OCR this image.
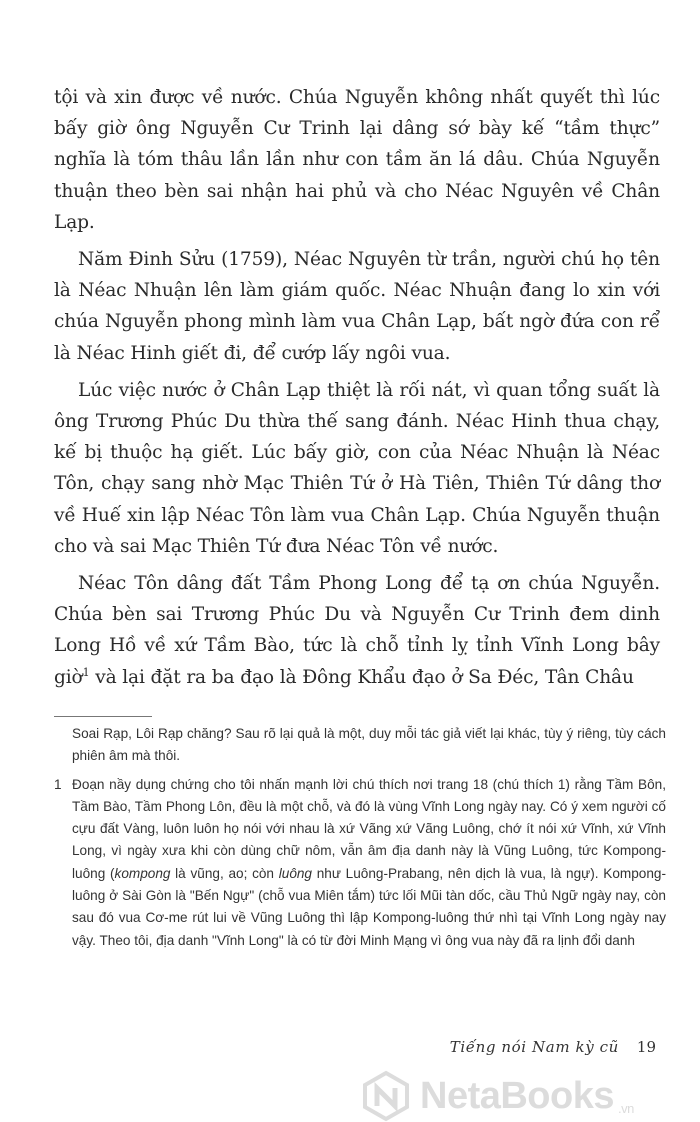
tội và xin được về nước. Chúa Nguyễn không nhất quyết thì lúc bấy giờ ông Nguyễn Cư Trinh lại dâng sớ bày kế “tầm thực” nghĩa là tóm thâu lần lần như con tầm ăn lá dâu. Chúa Nguyễn thuận theo bèn sai nhận hai phủ và cho Néac Nguyên về Chân Lạp.

Năm Đinh Sửu (1759), Néac Nguyên từ trần, người chú họ tên là Néac Nhuận lên làm giám quốc. Néac Nhuận đang lo xin với chúa Nguyễn phong mình làm vua Chân Lạp, bất ngờ đứa con rể là Néac Hinh giết đi, để cướp lấy ngôi vua.

Lúc việc nước ở Chân Lạp thiệt là rối nát, vì quan tổng suất là ông Trương Phúc Du thừa thế sang đánh. Néac Hinh thua chạy, kế bị thuộc hạ giết. Lúc bấy giờ, con của Néac Nhuận là Néac Tôn, chạy sang nhờ Mạc Thiên Tứ ở Hà Tiên, Thiên Tứ dâng thơ về Huế xin lập Néac Tôn làm vua Chân Lạp. Chúa Nguyễn thuận cho và sai Mạc Thiên Tứ đưa Néac Tôn về nước.

Néac Tôn dâng đất Tầm Phong Long để tạ ơn chúa Nguyễn. Chúa bèn sai Trương Phúc Du và Nguyễn Cư Trinh đem dinh Long Hồ về xứ Tầm Bào, tức là chỗ tỉnh lỵ tỉnh Vĩnh Long bây giờ$^1$ và lại đặt ra ba đạo là Đông Khẩu đạo ở Sa Đéc, Tân Châu

Soai Rạp, Lôi Rạp chăng? Sau rõ lại quả là một, duy mỗi tác giả viết lại khác, tùy ý riêng, tùy cách phiên âm mà thôi.

1 Đoạn nầy dụng chứng cho tôi nhấn mạnh lời chú thích nơi trang 18 (chú thích 1) rằng Tầm Bôn, Tầm Bào, Tầm Phong Lôn, đều là một chỗ, và đó là vùng Vĩnh Long ngày nay. Có ý xem người cố cựu đất Vàng, luôn luôn họ nói với nhau là xứ Vãng xứ Vãng Luông, chớ ít nói xứ Vĩnh, xứ Vĩnh Long, vì ngày xưa khi còn dùng chữ nôm, vẫn âm địa danh này là Vũng Luông, tức Kompong-luông (kompong là vũng, ao; còn luông như Luông-Prabang, nên dịch là vua, là ngự). Kompong-luông ở Sài Gòn là "Bến Ngự" (chỗ vua Miên tắm) tức lối Mũi tàn dốc, cầu Thủ Ngữ ngày nay, còn sau đó vua Cơ-me rút lui về Vũng Luông thì lập Kompong-luông thứ nhì tại Vĩnh Long ngày nay vậy. Theo tôi, địa danh "Vĩnh Long" là có từ đời Minh Mạng vì ông vua này đã ra lịnh đổi danh
Tiếng nói Nam kỳ cũ 19
NetaBooks .vn
